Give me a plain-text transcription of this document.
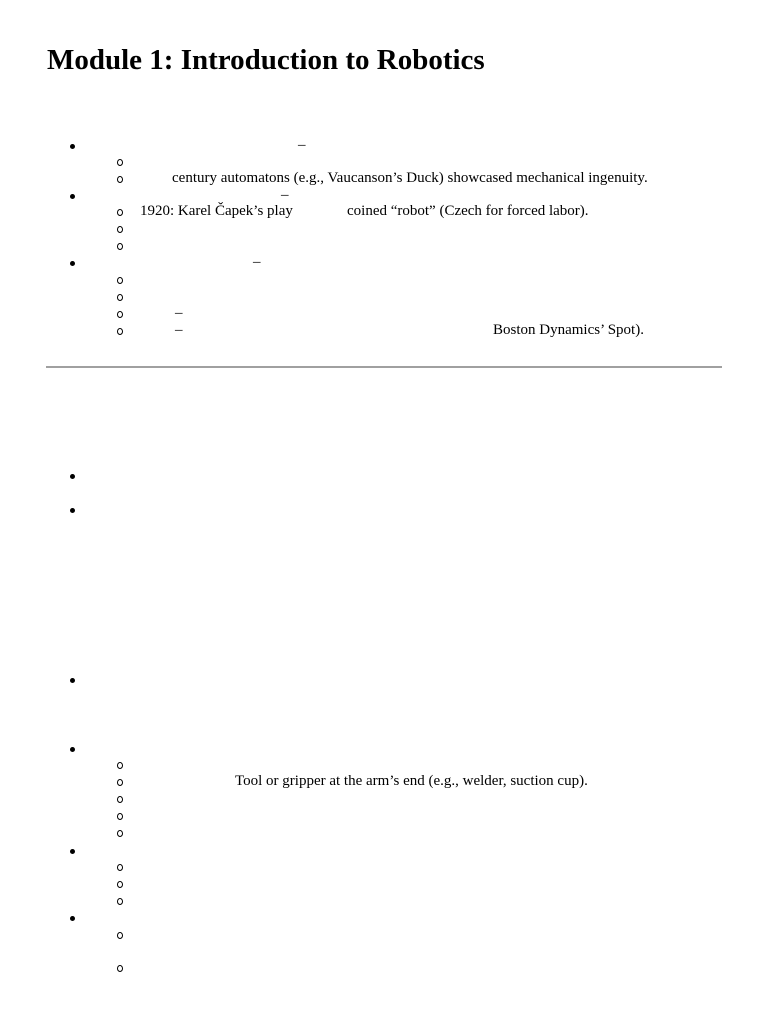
Module 1: Introduction to Robotics
–
century automatons (e.g., Vaucanson’s Duck) showcased mechanical ingenuity.
–
1920: Karel Čapek’s play	coined “robot” (Czech for forced labor).
–
–
–	Boston Dynamics’ Spot).
Tool or gripper at the arm’s end (e.g., welder, suction cup).
